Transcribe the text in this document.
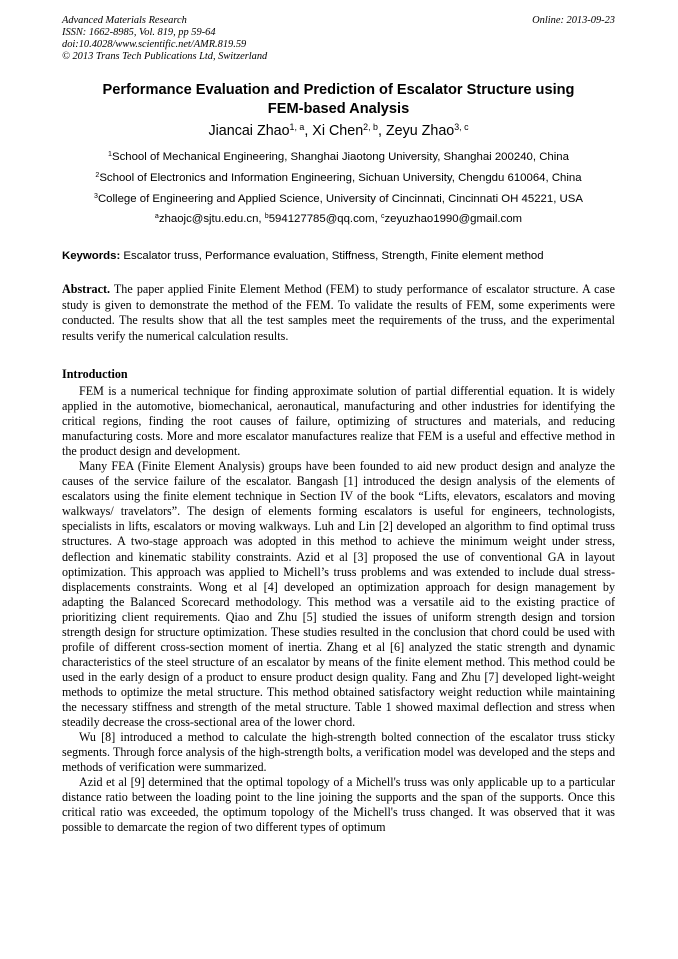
Advanced Materials Research
ISSN: 1662-8985, Vol. 819, pp 59-64
doi:10.4028/www.scientific.net/AMR.819.59
© 2013 Trans Tech Publications Ltd, Switzerland
Online: 2013-09-23
Performance Evaluation and Prediction of Escalator Structure using
FEM-based Analysis
Jiancai Zhao$^{1, a}$, Xi Chen$^{2, b}$, Zeyu Zhao$^{3, c}$
$^1$School of Mechanical Engineering, Shanghai Jiaotong University, Shanghai 200240, China
$^2$School of Electronics and Information Engineering, Sichuan University, Chengdu 610064, China
$^3$College of Engineering and Applied Science, University of Cincinnati, Cincinnati OH 45221, USA
$^a$zhaojc@sjtu.edu.cn, $^b$594127785@qq.com, $^c$zeyuzhao1990@gmail.com
Keywords: Escalator truss, Performance evaluation, Stiffness, Strength, Finite element method

Abstract. The paper applied Finite Element Method (FEM) to study performance of escalator structure. A case study is given to demonstrate the method of the FEM. To validate the results of FEM, some experiments were conducted. The results show that all the test samples meet the requirements of the truss, and the experimental results verify the numerical calculation results.

Introduction

FEM is a numerical technique for finding approximate solution of partial differential equation. It is widely applied in the automotive, biomechanical, aeronautical, manufacturing and other industries for identifying the critical regions, finding the root causes of failure, optimizing of structures and materials, and reducing manufacturing costs. More and more escalator manufactures realize that FEM is a useful and effective method in the product design and development.

Many FEA (Finite Element Analysis) groups have been founded to aid new product design and analyze the causes of the service failure of the escalator. Bangash [1] introduced the design analysis of the elements of escalators using the finite element technique in Section IV of the book “Lifts, elevators, escalators and moving walkways/ travelators”. The design of elements forming escalators is useful for engineers, technologists, specialists in lifts, escalators or moving walkways. Luh and Lin [2] developed an algorithm to find optimal truss structures. A two-stage approach was adopted in this method to achieve the minimum weight under stress, deflection and kinematic stability constraints. Azid et al [3] proposed the use of conventional GA in layout optimization. This approach was applied to Michell’s truss problems and was extended to include dual stress-displacements constraints. Wong et al [4] developed an optimization approach for design management by adapting the Balanced Scorecard methodology. This method was a versatile aid to the existing practice of prioritizing client requirements. Qiao and Zhu [5] studied the issues of uniform strength design and torsion strength design for structure optimization. These studies resulted in the conclusion that chord could be used with profile of different cross-section moment of inertia. Zhang et al [6] analyzed the static strength and dynamic characteristics of the steel structure of an escalator by means of the finite element method. This method could be used in the early design of a product to ensure product design quality. Fang and Zhu [7] developed light-weight methods to optimize the metal structure. This method obtained satisfactory weight reduction while maintaining the necessary stiffness and strength of the metal structure. Table 1 showed maximal deflection and stress when steadily decrease the cross-sectional area of the lower chord.

Wu [8] introduced a method to calculate the high-strength bolted connection of the escalator truss sticky segments. Through force analysis of the high-strength bolts, a verification model was developed and the steps and methods of verification were summarized.

Azid et al [9] determined that the optimal topology of a Michell's truss was only applicable up to a particular distance ratio between the loading point to the line joining the supports and the span of the supports. Once this critical ratio was exceeded, the optimum topology of the Michell's truss changed. It was observed that it was possible to demarcate the region of two different types of optimum
